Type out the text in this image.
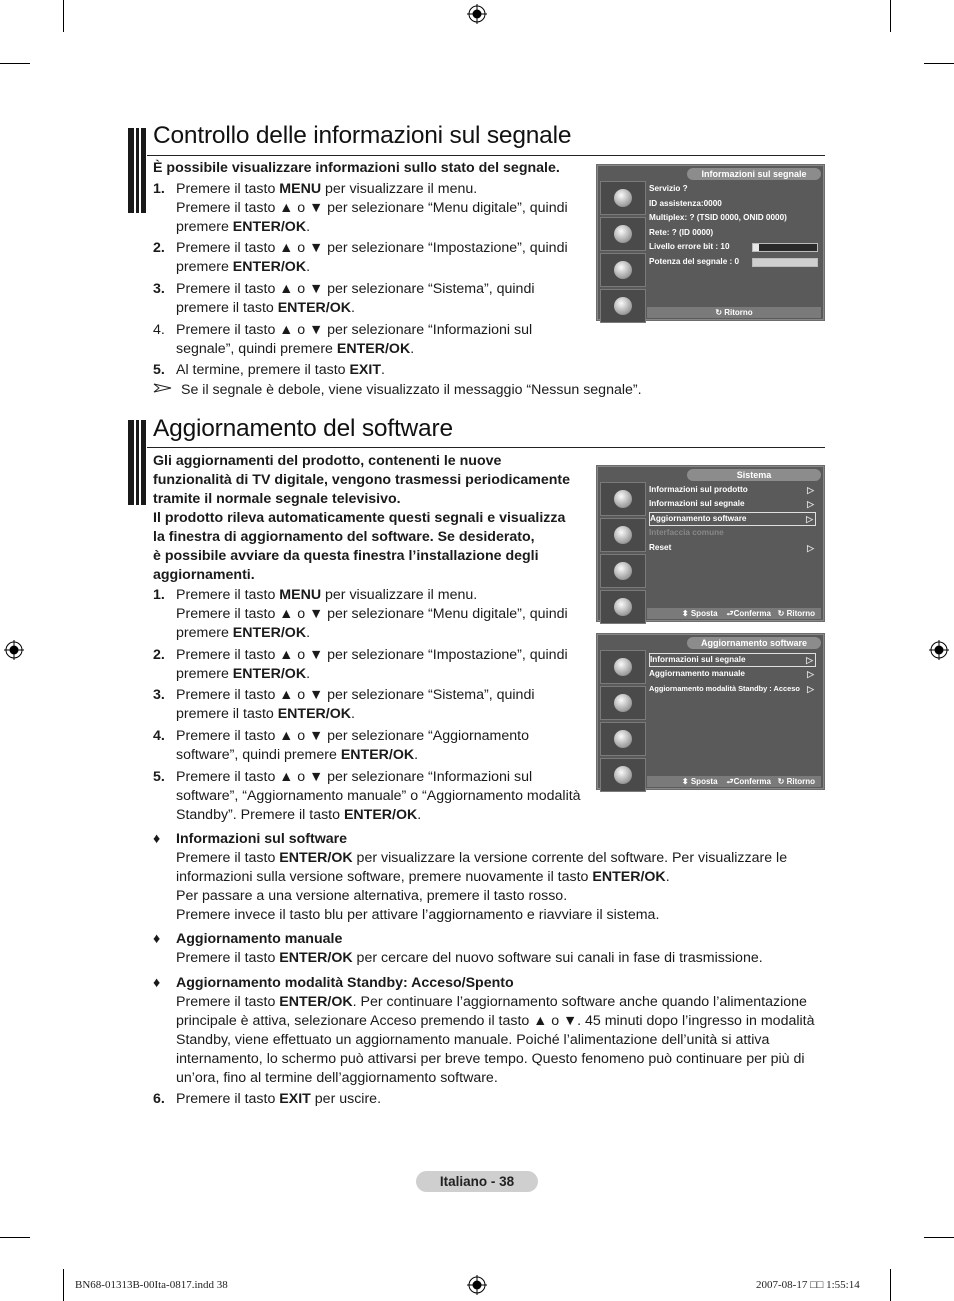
Controllo delle informazioni sul segnale
È possibile visualizzare informazioni sullo stato del segnale.
1. Premere il tasto MENU per visualizzare il menu.
Premere il tasto ▲ o ▼ per selezionare “Menu digitale”, quindi
premere ENTER/OK.
2. Premere il tasto ▲ o ▼ per selezionare “Impostazione”, quindi
premere ENTER/OK.
3. Premere il tasto ▲ o ▼ per selezionare “Sistema”, quindi
premere il tasto ENTER/OK.
4. Premere il tasto ▲ o ▼ per selezionare “Informazioni sul
segnale”, quindi premere ENTER/OK.
5. Al termine, premere il tasto EXIT.
Se il segnale è debole, viene visualizzato il messaggio “Nessun segnale”.
Informazioni sul segnale
Servizio ?
ID assistenza:0000
Multiplex: ? (TSID 0000, ONID 0000)
Rete: ? (ID 0000)
Livello errore bit : 10
Potenza del segnale : 0
↻ Ritorno
Aggiornamento del software
Gli aggiornamenti del prodotto, contenenti le nuove
funzionalità di TV digitale, vengono trasmessi periodicamente
tramite il normale segnale televisivo.
Il prodotto rileva automaticamente questi segnali e visualizza
la finestra di aggiornamento del software. Se desiderato,
è possibile avviare da questa finestra l’installazione degli
aggiornamenti.
1. Premere il tasto MENU per visualizzare il menu.
Premere il tasto ▲ o ▼ per selezionare “Menu digitale”, quindi
premere ENTER/OK.
2. Premere il tasto ▲ o ▼ per selezionare “Impostazione”, quindi
premere ENTER/OK.
3. Premere il tasto ▲ o ▼ per selezionare “Sistema”, quindi
premere il tasto ENTER/OK.
4. Premere il tasto ▲ o ▼ per selezionare “Aggiornamento
software”, quindi premere ENTER/OK.
5. Premere il tasto ▲ o ▼ per selezionare “Informazioni sul
software”, “Aggiornamento manuale” o “Aggiornamento modalità
Standby”. Premere il tasto ENTER/OK.
♦ Informazioni sul software
Premere il tasto ENTER/OK per visualizzare la versione corrente del software. Per visualizzare le
informazioni sulla versione software, premere nuovamente il tasto ENTER/OK.
Per passare a una versione alternativa, premere il tasto rosso.
Premere invece il tasto blu per attivare l’aggiornamento e riavviare il sistema.
♦ Aggiornamento manuale
Premere il tasto ENTER/OK per cercare del nuovo software sui canali in fase di trasmissione.
♦ Aggiornamento modalità Standby: Acceso/Spento
Premere il tasto ENTER/OK. Per continuare l’aggiornamento software anche quando l’alimentazione
principale è attiva, selezionare Acceso premendo il tasto ▲ o ▼. 45 minuti dopo l’ingresso in modalità
Standby, viene effettuato un aggiornamento manuale. Poiché l’alimentazione dell’unità si attiva
internamento, lo schermo può attivarsi per breve tempo. Questo fenomeno può continuare per più di
un’ora, fino al termine dell’aggiornamento software.
6. Premere il tasto EXIT per uscire.
Sistema
Informazioni sul prodotto	▷
Informazioni sul segnale	▷
Aggiornamento software	▷
Interfaccia comune
Reset	▷
⬍ Sposta ⮐Conferma ↻ Ritorno
Aggiornamento software
Informazioni sul segnale	▷
Aggiornamento manuale	▷
Aggiornamento modalità Standby : Acceso ▷
⬍ Sposta ⮐Conferma ↻ Ritorno
Italiano - 38
BN68-01313B-00Ita-0817.indd 38	2007-08-17 □□ 1:55:14
